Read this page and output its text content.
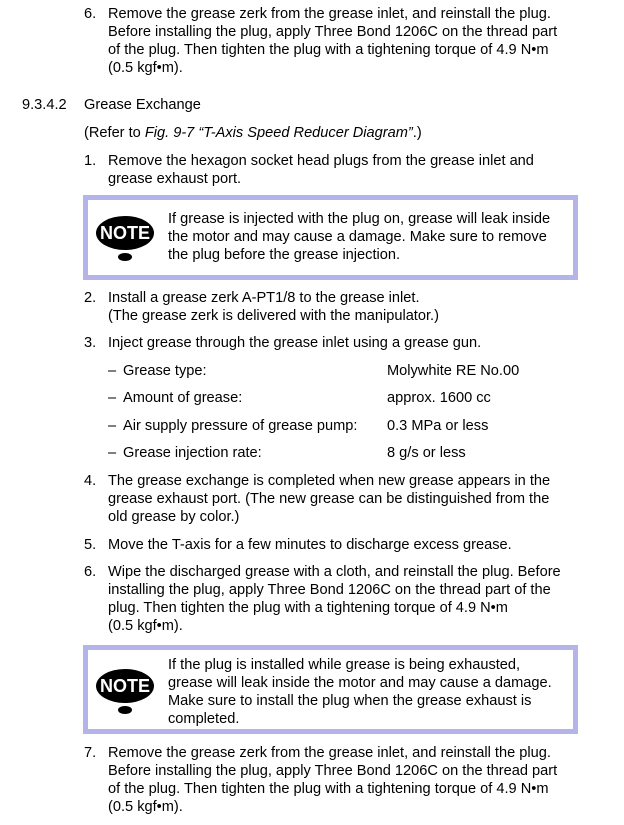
6. Remove the grease zerk from the grease inlet, and reinstall the plug.
Before installing the plug, apply Three Bond 1206C on the thread part
of the plug. Then tighten the plug with a tightening torque of 4.9 N•m
(0.5 kgf•m).
9.3.4.2 Grease Exchange
(Refer to Fig. 9-7 “T-Axis Speed Reducer Diagram”.)
1. Remove the hexagon socket head plugs from the grease inlet and
grease exhaust port.
NOTE
If grease is injected with the plug on, grease will leak inside
the motor and may cause a damage. Make sure to remove
the plug before the grease injection.
2. Install a grease zerk A-PT1/8 to the grease inlet.
(The grease zerk is delivered with the manipulator.)
3. Inject grease through the grease inlet using a grease gun.
– Grease type:	Molywhite RE No.00
– Amount of grease:	approx. 1600 cc
– Air supply pressure of grease pump: 0.3 MPa or less
– Grease injection rate:	8 g/s or less
4. The grease exchange is completed when new grease appears in the
grease exhaust port. (The new grease can be distinguished from the
old grease by color.)
5. Move the T-axis for a few minutes to discharge excess grease.
6. Wipe the discharged grease with a cloth, and reinstall the plug. Before
installing the plug, apply Three Bond 1206C on the thread part of the
plug. Then tighten the plug with a tightening torque of 4.9 N•m
(0.5 kgf•m).
NOTE
If the plug is installed while grease is being exhausted,
grease will leak inside the motor and may cause a damage.
Make sure to install the plug when the grease exhaust is
completed.
7. Remove the grease zerk from the grease inlet, and reinstall the plug.
Before installing the plug, apply Three Bond 1206C on the thread part
of the plug. Then tighten the plug with a tightening torque of 4.9 N•m
(0.5 kgf•m).
